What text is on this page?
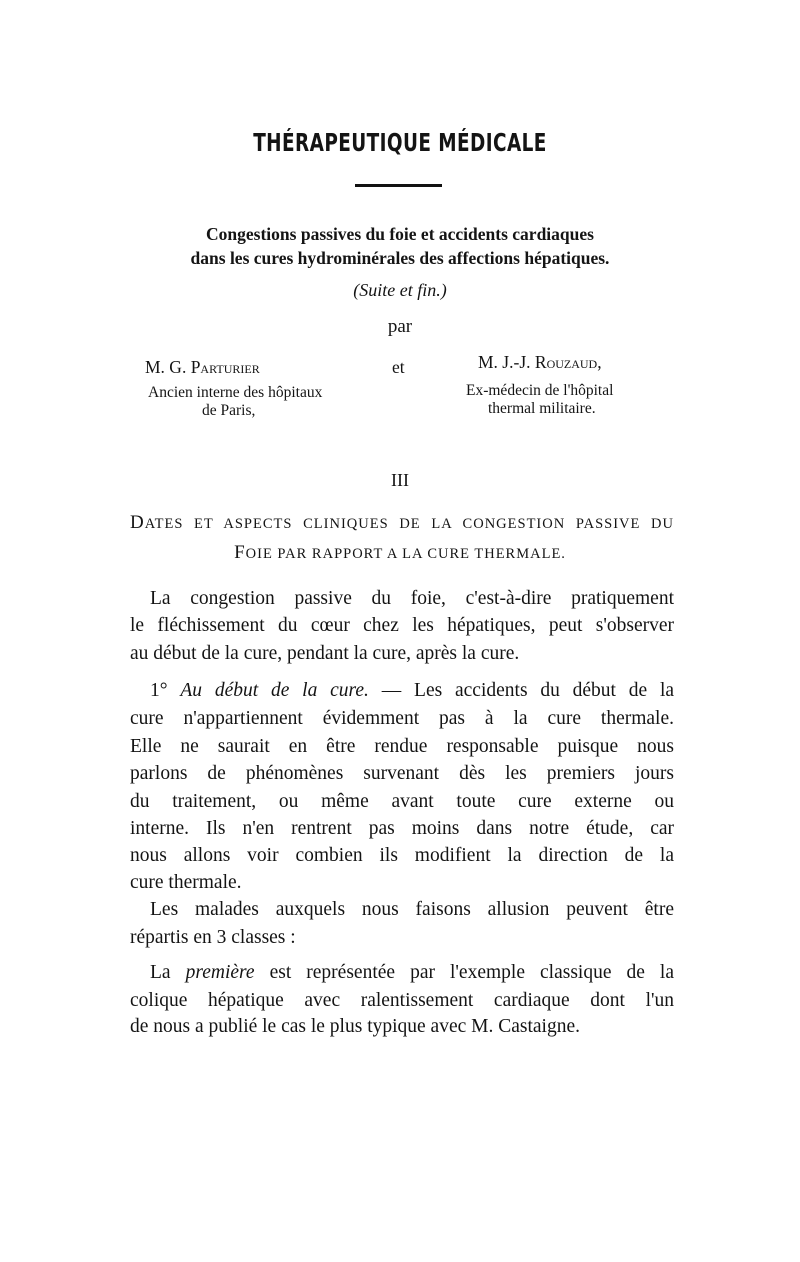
THÉRAPEUTIQUE MÉDICALE
Congestions passives du foie et accidents cardiaques
dans les cures hydrominérales des affections hépatiques.
(Suite et fin.)
par
M. G. Parturier	et	M. J.-J. Rouzaud,
Ancien interne des hôpitaux
de Paris,
Ex-médecin de l'hôpital
thermal militaire.
III
DATES ET ASPECTS CLINIQUES DE LA CONGESTION PASSIVE DU
FOIE PAR RAPPORT A LA CURE THERMALE.
La congestion passive du foie, c'est-à-dire pratiquement
le fléchissement du cœur chez les hépatiques, peut s'observer
au début de la cure, pendant la cure, après la cure.
1° Au début de la cure. — Les accidents du début de la
cure n'appartiennent évidemment pas à la cure thermale.
Elle ne saurait en être rendue responsable puisque nous
parlons de phénomènes survenant dès les premiers jours
du traitement, ou même avant toute cure externe ou
interne. Ils n'en rentrent pas moins dans notre étude, car
nous allons voir combien ils modifient la direction de la
cure thermale.
Les malades auxquels nous faisons allusion peuvent être
répartis en 3 classes :
La première est représentée par l'exemple classique de la
colique hépatique avec ralentissement cardiaque dont l'un
de nous a publié le cas le plus typique avec M. Castaigne.
